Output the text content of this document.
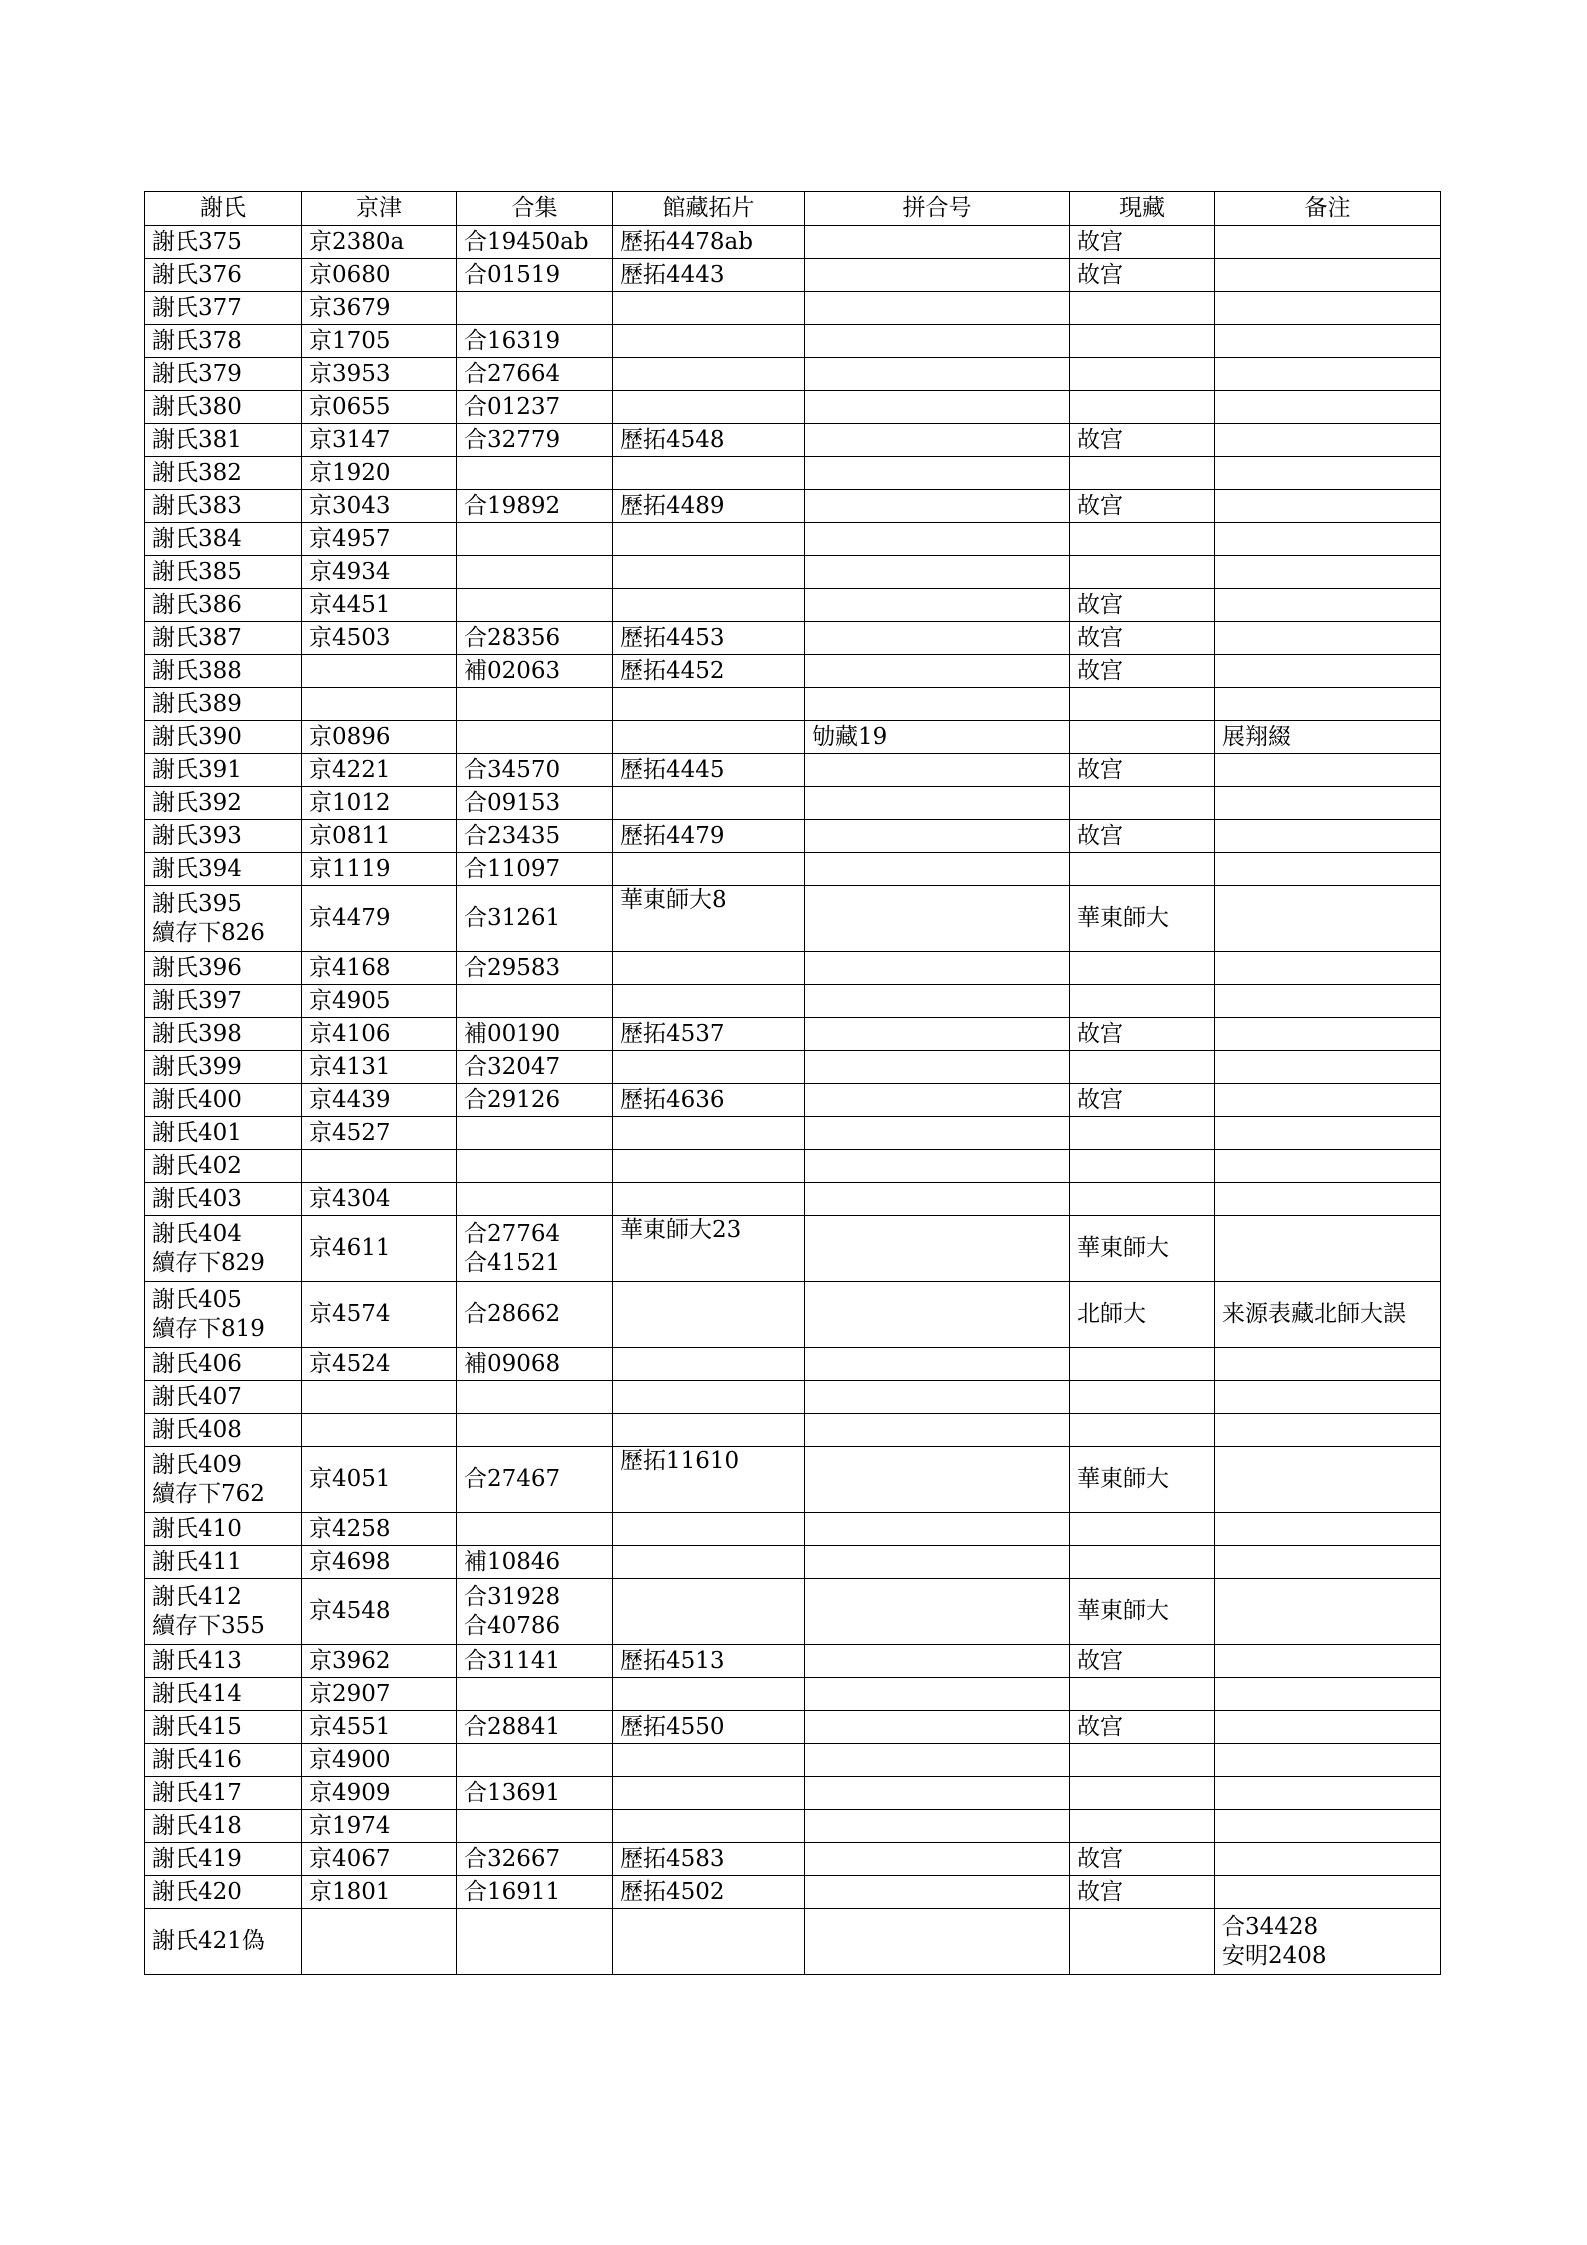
謝氏	京津	合集	館藏拓片	拼合号	現藏	备注

謝氏375	京2380a	合19450ab	歷拓4478ab		故宫	

謝氏376	京0680	合01519	歷拓4443		故宫	

謝氏377	京3679					

謝氏378	京1705	合16319				

謝氏379	京3953	合27664				

謝氏380	京0655	合01237				

謝氏381	京3147	合32779	歷拓4548		故宫	

謝氏382	京1920					

謝氏383	京3043	合19892	歷拓4489		故宫	

謝氏384	京4957					

謝氏385	京4934					

謝氏386	京4451				故宫	

謝氏387	京4503	合28356	歷拓4453		故宫	

謝氏388		補02063	歷拓4452		故宫	

謝氏389						

謝氏390	京0896			劬藏19		展翔綴

謝氏391	京4221	合34570	歷拓4445		故宫	

謝氏392	京1012	合09153				

謝氏393	京0811	合23435	歷拓4479		故宫	

謝氏394	京1119	合11097				

謝氏395
續存下826	京4479	合31261	華東師大8		華東師大	

謝氏396	京4168	合29583				

謝氏397	京4905					

謝氏398	京4106	補00190	歷拓4537		故宫	

謝氏399	京4131	合32047				

謝氏400	京4439	合29126	歷拓4636		故宫	

謝氏401	京4527					

謝氏402						

謝氏403	京4304					

謝氏404
續存下829	京4611	合27764
合41521	華東師大23		華東師大	

謝氏405
續存下819	京4574	合28662			北師大	来源表藏北師大誤

謝氏406	京4524	補09068				

謝氏407						

謝氏408						

謝氏409
續存下762	京4051	合27467	歷拓11610		華東師大	

謝氏410	京4258					

謝氏411	京4698	補10846				

謝氏412
續存下355	京4548	合31928
合40786			華東師大	

謝氏413	京3962	合31141	歷拓4513		故宫	

謝氏414	京2907					

謝氏415	京4551	合28841	歷拓4550		故宫	

謝氏416	京4900					

謝氏417	京4909	合13691				

謝氏418	京1974					

謝氏419	京4067	合32667	歷拓4583		故宫	

謝氏420	京1801	合16911	歷拓4502		故宫	

謝氏421偽						合34428
安明2408
